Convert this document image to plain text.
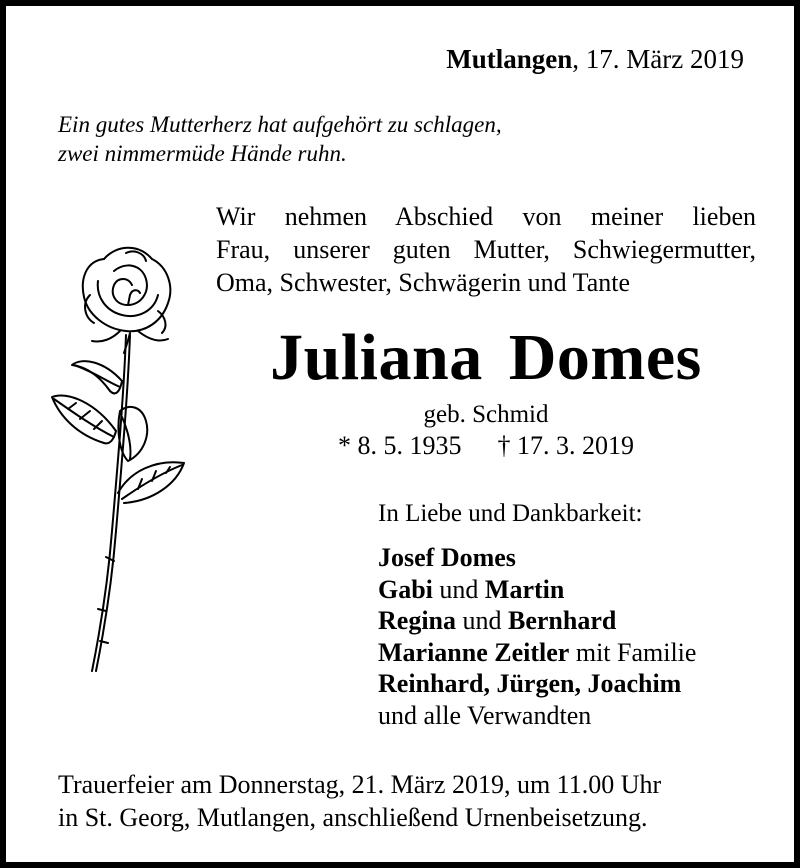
Mutlangen, 17. März 2019
Ein gutes Mutterherz hat aufgehört zu schlagen,
zwei nimmermüde Hände ruhn.
Wir nehmen Abschied von meiner lieben
Frau, unserer guten Mutter, Schwiegermutter,
Oma, Schwester, Schwägerin und Tante
Juliana Domes
geb. Schmid
* 8. 5. 1935 † 17. 3. 2019
In Liebe und Dankbarkeit:
Josef Domes
Gabi und Martin
Regina und Bernhard
Marianne Zeitler mit Familie
Reinhard, Jürgen, Joachim
und alle Verwandten
Trauerfeier am Donnerstag, 21. März 2019, um 11.00 Uhr
in St. Georg, Mutlangen, anschließend Urnenbeisetzung.
